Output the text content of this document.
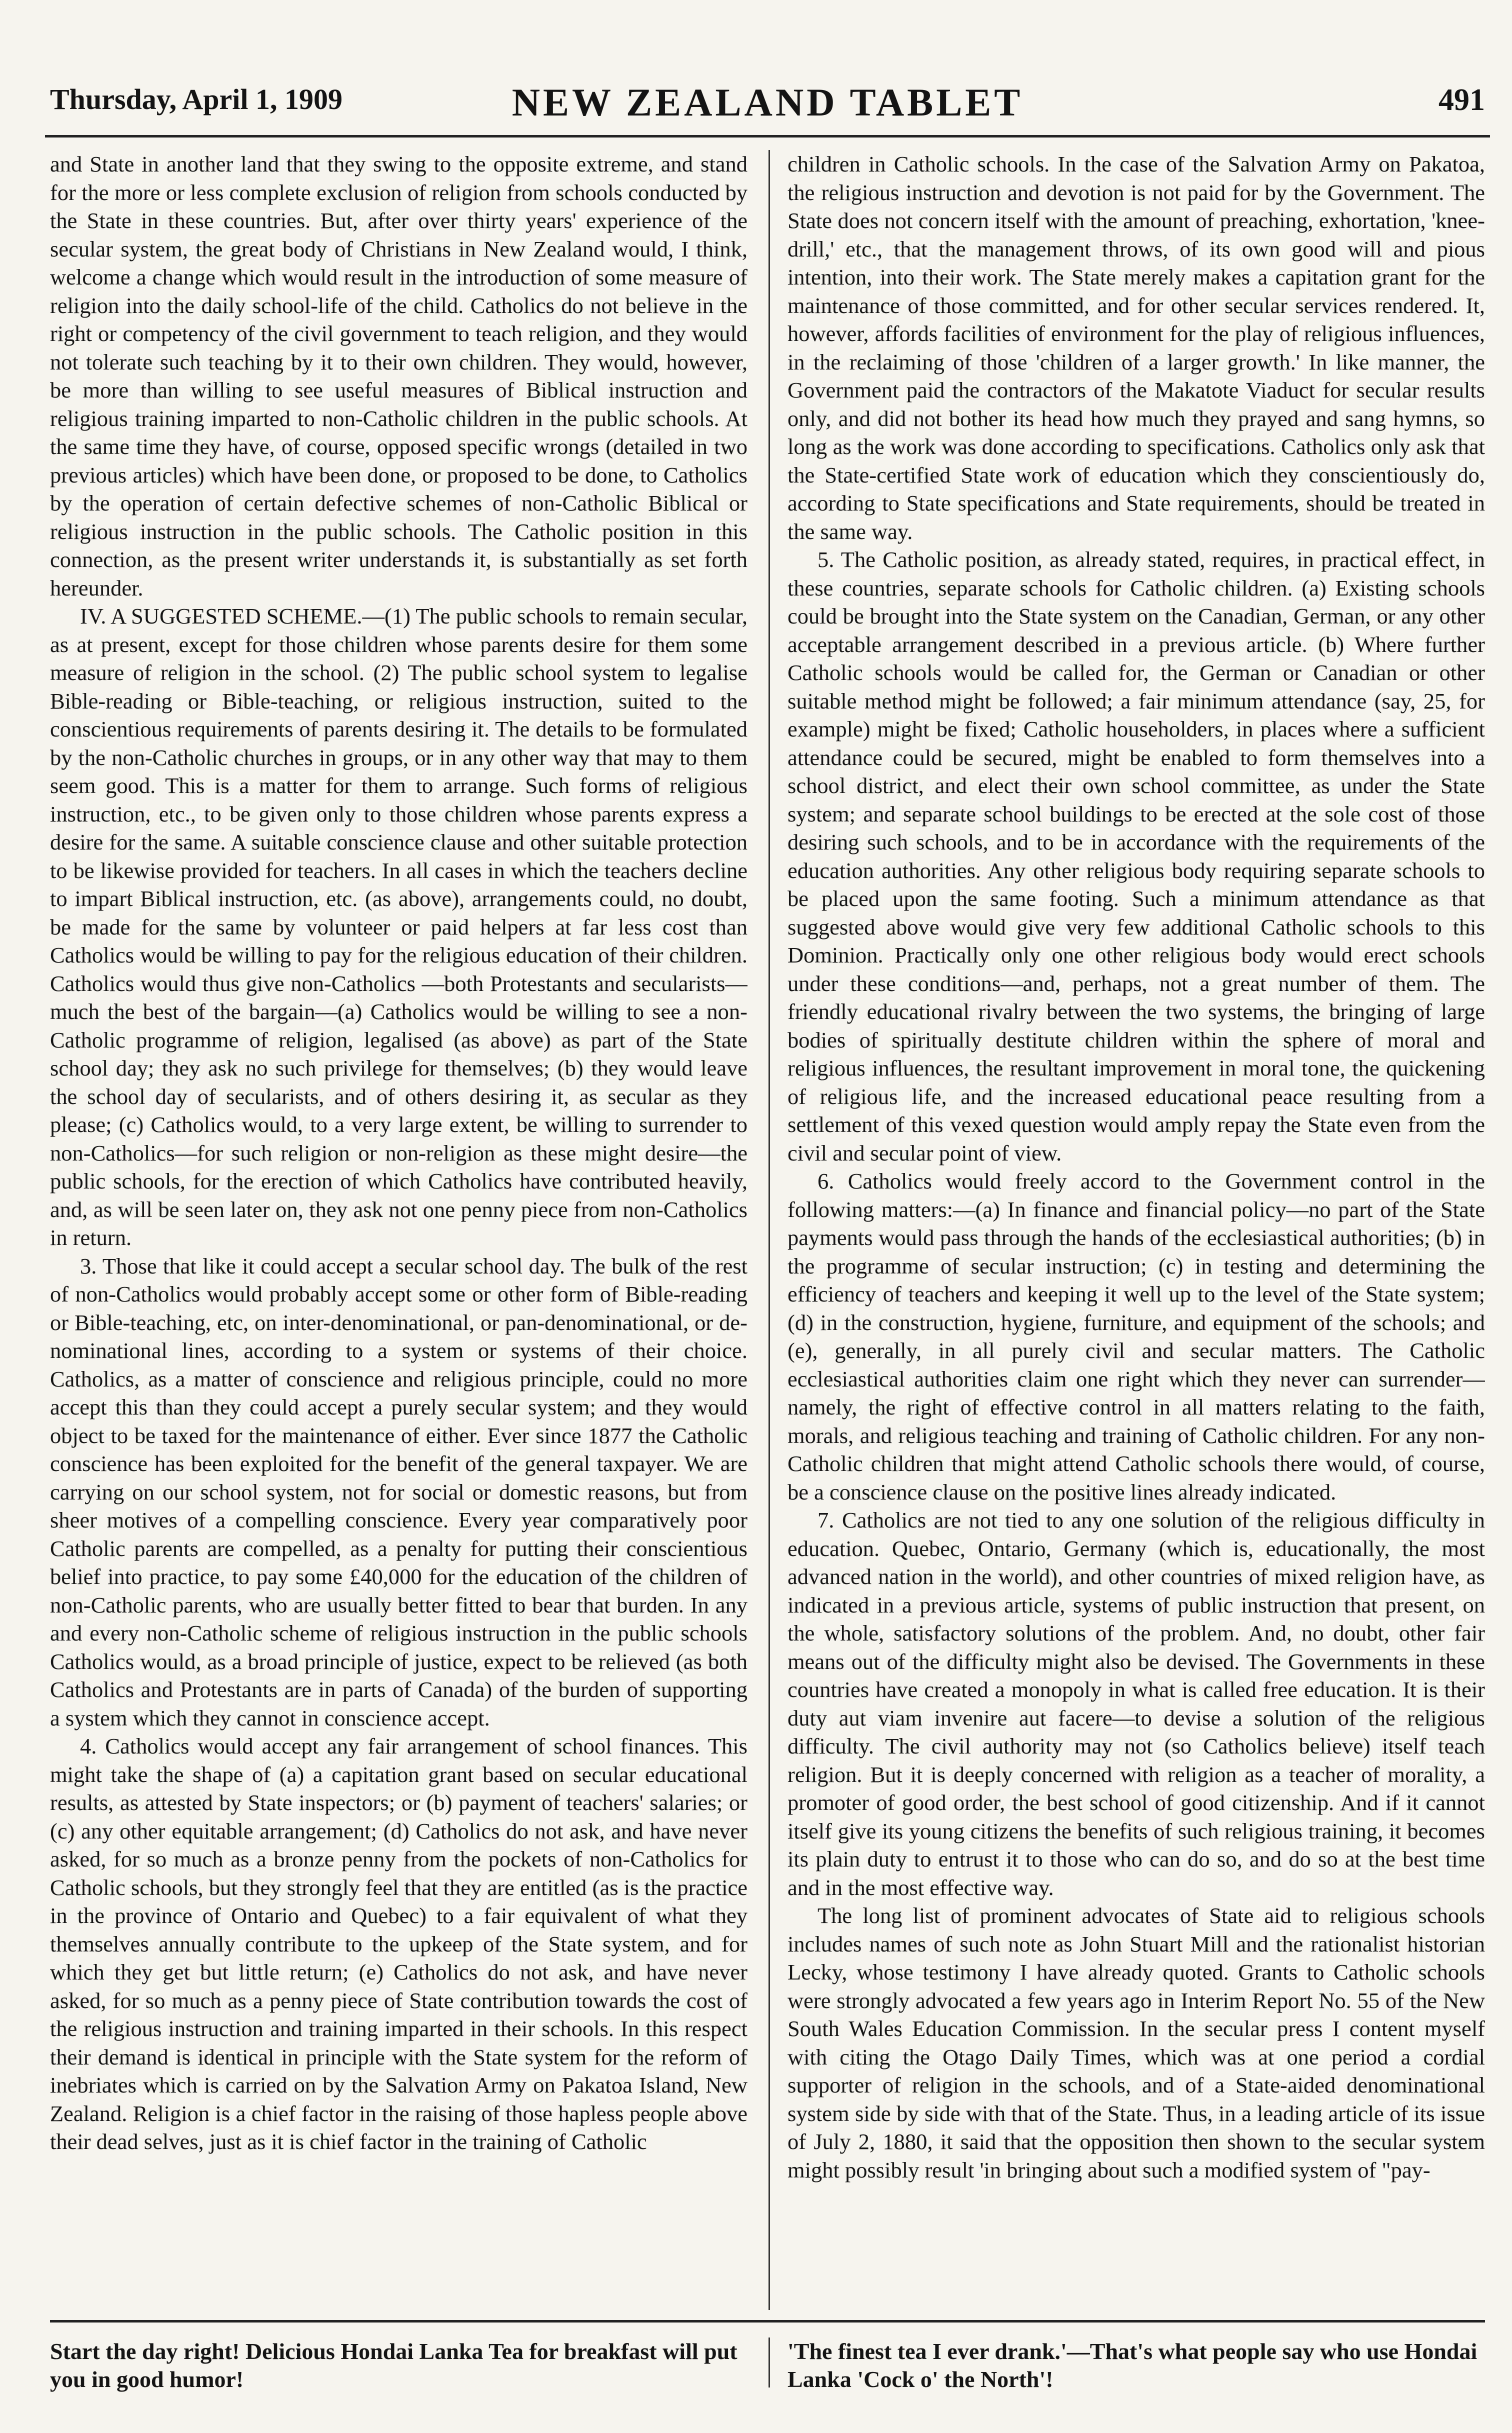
Thursday, April 1, 1909	NEW ZEALAND TABLET	491

and State in another land that they swing to the opposite extreme, and stand for the more or less complete exclusion of religion from schools conducted by the State in these countries. But, after over thirty years' experience of the secular system, the great body of Christians in New Zealand would, I think, welcome a change which would result in the introduction of some measure of religion into the daily school-life of the child. Catholics do not believe in the right or competency of the civil government to teach religion, and they would not tolerate such teaching by it to their own children. They would, however, be more than willing to see useful measures of Biblical instruction and religious training imparted to non-Catholic children in the public schools. At the same time they have, of course, opposed specific wrongs (detailed in two previous articles) which have been done, or proposed to be done, to Catholics by the operation of certain defective schemes of non-Catholic Biblical or religious instruction in the public schools. The Catholic position in this connection, as the present writer understands it, is substantially as set forth hereunder.

IV. A SUGGESTED SCHEME.—(1) The public schools to remain secular, as at present, except for those children whose parents desire for them some measure of religion in the school. (2) The public school system to legalise Bible-reading or Bible-teaching, or religious instruction, suited to the conscientious requirements of parents desiring it. The details to be formulated by the non-Catholic churches in groups, or in any other way that may to them seem good. This is a matter for them to arrange. Such forms of religious instruction, etc., to be given only to those children whose parents express a desire for the same. A suitable conscience clause and other suitable protection to be likewise provided for teachers. In all cases in which the teachers decline to impart Biblical instruction, etc. (as above), arrangements could, no doubt, be made for the same by volunteer or paid helpers at far less cost than Catholics would be willing to pay for the religious education of their children. Catholics would thus give non-Catholics —both Protestants and secularists—much the best of the bargain—(a) Catholics would be willing to see a non-Catholic programme of religion, legalised (as above) as part of the State school day; they ask no such privilege for themselves; (b) they would leave the school day of secularists, and of others desiring it, as secular as they please; (c) Catholics would, to a very large extent, be willing to surrender to non-Catholics—for such religion or non-religion as these might desire—the public schools, for the erection of which Catholics have contributed heavily, and, as will be seen later on, they ask not one penny piece from non-Catholics in return.

3. Those that like it could accept a secular school day. The bulk of the rest of non-Catholics would probably accept some or other form of Bible-reading or Bible-teaching, etc, on inter-denominational, or pan-denominational, or de-nominational lines, according to a system or systems of their choice. Catholics, as a matter of conscience and religious principle, could no more accept this than they could accept a purely secular system; and they would object to be taxed for the maintenance of either. Ever since 1877 the Catholic conscience has been exploited for the benefit of the general taxpayer. We are carrying on our school system, not for social or domestic reasons, but from sheer motives of a compelling conscience. Every year comparatively poor Catholic parents are compelled, as a penalty for putting their conscientious belief into practice, to pay some £40,000 for the education of the children of non-Catholic parents, who are usually better fitted to bear that burden. In any and every non-Catholic scheme of religious instruction in the public schools Catholics would, as a broad principle of justice, expect to be relieved (as both Catholics and Protestants are in parts of Canada) of the burden of supporting a system which they cannot in conscience accept.

4. Catholics would accept any fair arrangement of school finances. This might take the shape of (a) a capitation grant based on secular educational results, as attested by State inspectors; or (b) payment of teachers' salaries; or (c) any other equitable arrangement; (d) Catholics do not ask, and have never asked, for so much as a bronze penny from the pockets of non-Catholics for Catholic schools, but they strongly feel that they are entitled (as is the practice in the province of Ontario and Quebec) to a fair equivalent of what they themselves annually contribute to the upkeep of the State system, and for which they get but little return; (e) Catholics do not ask, and have never asked, for so much as a penny piece of State contribution towards the cost of the religious instruction and training imparted in their schools. In this respect their demand is identical in principle with the State system for the reform of inebriates which is carried on by the Salvation Army on Pakatoa Island, New Zealand. Religion is a chief factor in the raising of those hapless people above their dead selves, just as it is chief factor in the training of Catholic

children in Catholic schools. In the case of the Salvation Army on Pakatoa, the religious instruction and devotion is not paid for by the Government. The State does not concern itself with the amount of preaching, exhortation, 'knee-drill,' etc., that the management throws, of its own good will and pious intention, into their work. The State merely makes a capitation grant for the maintenance of those committed, and for other secular services rendered. It, however, affords facilities of environment for the play of religious influences, in the reclaiming of those 'children of a larger growth.' In like manner, the Government paid the contractors of the Makatote Viaduct for secular results only, and did not bother its head how much they prayed and sang hymns, so long as the work was done according to specifications. Catholics only ask that the State-certified State work of education which they conscientiously do, according to State specifications and State requirements, should be treated in the same way.

5. The Catholic position, as already stated, requires, in practical effect, in these countries, separate schools for Catholic children. (a) Existing schools could be brought into the State system on the Canadian, German, or any other acceptable arrangement described in a previous article. (b) Where further Catholic schools would be called for, the German or Canadian or other suitable method might be followed; a fair minimum attendance (say, 25, for example) might be fixed; Catholic householders, in places where a sufficient attendance could be secured, might be enabled to form themselves into a school district, and elect their own school committee, as under the State system; and separate school buildings to be erected at the sole cost of those desiring such schools, and to be in accordance with the requirements of the education authorities. Any other religious body requiring separate schools to be placed upon the same footing. Such a minimum attendance as that suggested above would give very few additional Catholic schools to this Dominion. Practically only one other religious body would erect schools under these conditions—and, perhaps, not a great number of them. The friendly educational rivalry between the two systems, the bringing of large bodies of spiritually destitute children within the sphere of moral and religious influences, the resultant improvement in moral tone, the quickening of religious life, and the increased educational peace resulting from a settlement of this vexed question would amply repay the State even from the civil and secular point of view.

6. Catholics would freely accord to the Government control in the following matters:—(a) In finance and financial policy—no part of the State payments would pass through the hands of the ecclesiastical authorities; (b) in the programme of secular instruction; (c) in testing and determining the efficiency of teachers and keeping it well up to the level of the State system; (d) in the construction, hygiene, furniture, and equipment of the schools; and (e), generally, in all purely civil and secular matters. The Catholic ecclesiastical authorities claim one right which they never can surrender—namely, the right of effective control in all matters relating to the faith, morals, and religious teaching and training of Catholic children. For any non-Catholic children that might attend Catholic schools there would, of course, be a conscience clause on the positive lines already indicated.

7. Catholics are not tied to any one solution of the religious difficulty in education. Quebec, Ontario, Germany (which is, educationally, the most advanced nation in the world), and other countries of mixed religion have, as indicated in a previous article, systems of public instruction that present, on the whole, satisfactory solutions of the problem. And, no doubt, other fair means out of the difficulty might also be devised. The Governments in these countries have created a monopoly in what is called free education. It is their duty aut viam invenire aut facere—to devise a solution of the religious difficulty. The civil authority may not (so Catholics believe) itself teach religion. But it is deeply concerned with religion as a teacher of morality, a promoter of good order, the best school of good citizenship. And if it cannot itself give its young citizens the benefits of such religious training, it becomes its plain duty to entrust it to those who can do so, and do so at the best time and in the most effective way.

The long list of prominent advocates of State aid to religious schools includes names of such note as John Stuart Mill and the rationalist historian Lecky, whose testimony I have already quoted. Grants to Catholic schools were strongly advocated a few years ago in Interim Report No. 55 of the New South Wales Education Commission. In the secular press I content myself with citing the Otago Daily Times, which was at one period a cordial supporter of religion in the schools, and of a State-aided denominational system side by side with that of the State. Thus, in a leading article of its issue of July 2, 1880, it said that the opposition then shown to the secular system might possibly result 'in bringing about such a modified system of "pay-

Start the day right! Delicious Hondai Lanka Tea for breakfast will put you in good humor!
'The finest tea I ever drank.'—That's what people say who use Hondai Lanka 'Cock o' the North'!
